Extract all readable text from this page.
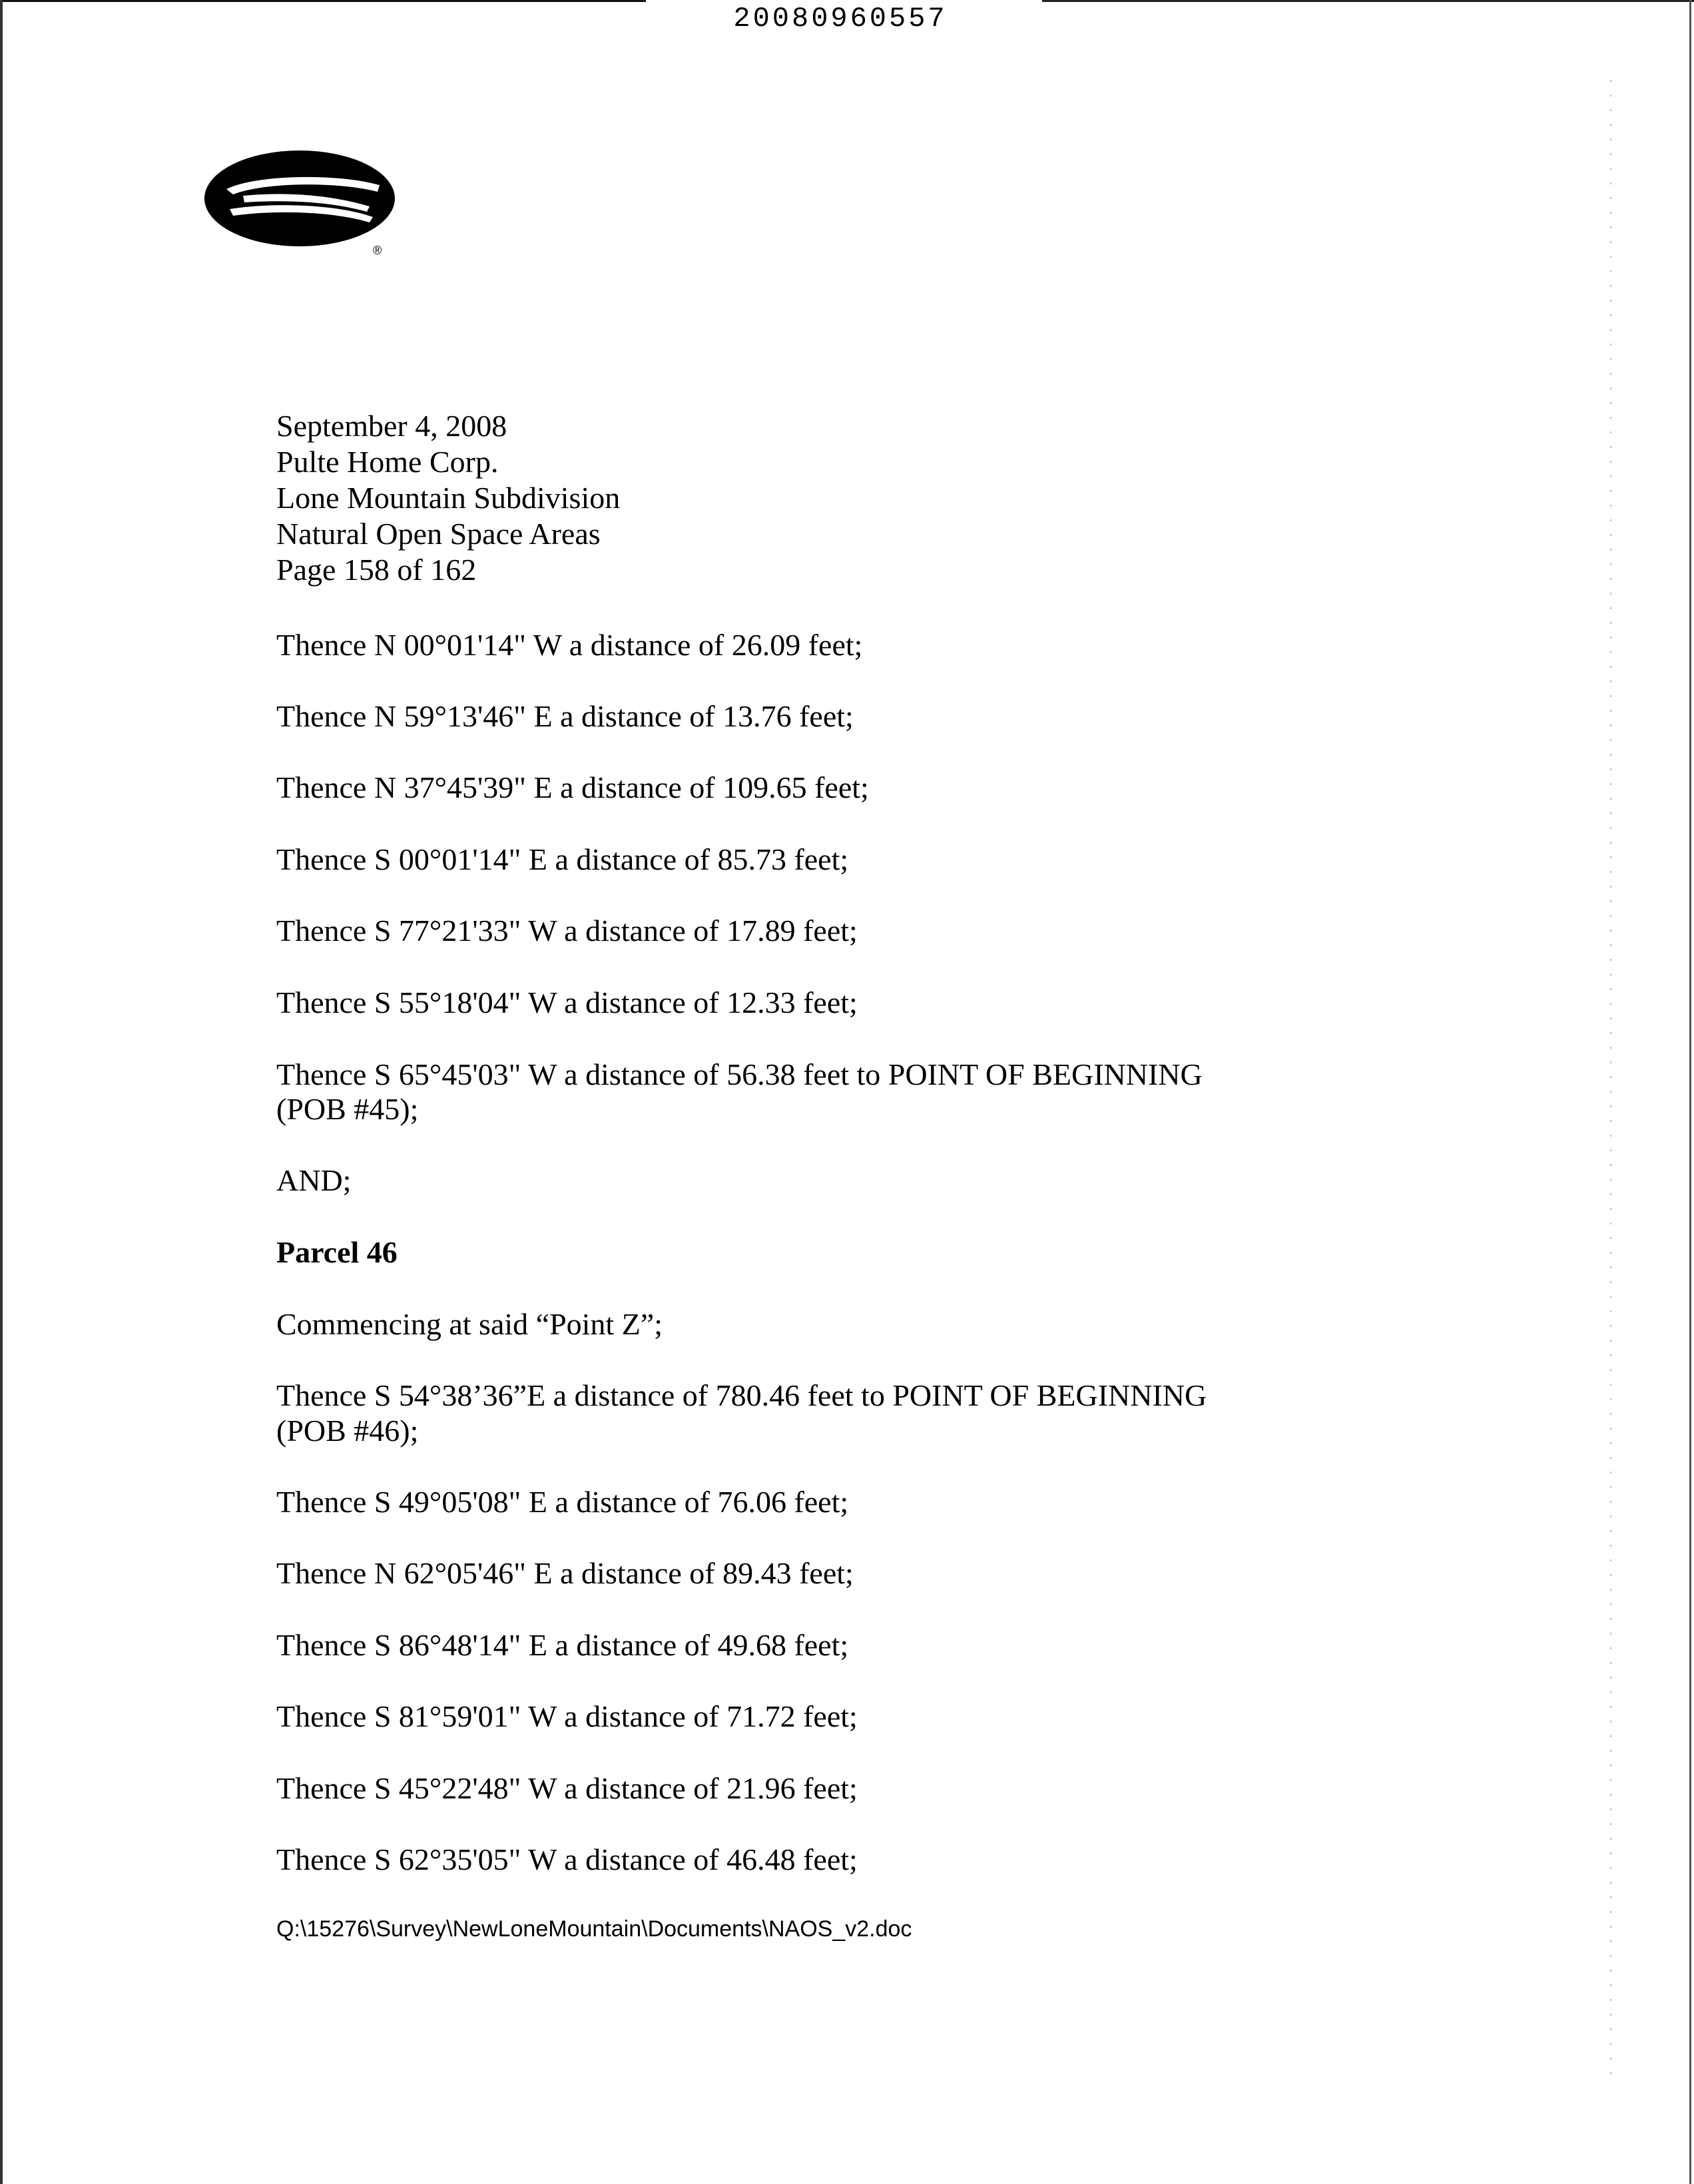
20080960557
®
September 4, 2008
Pulte Home Corp.
Lone Mountain Subdivision
Natural Open Space Areas
Page 158 of 162
Thence N 00°01'14" W a distance of 26.09 feet;
Thence N 59°13'46" E a distance of 13.76 feet;
Thence N 37°45'39" E a distance of 109.65 feet;
Thence S 00°01'14" E a distance of 85.73 feet;
Thence S 77°21'33" W a distance of 17.89 feet;
Thence S 55°18'04" W a distance of 12.33 feet;
Thence S 65°45'03" W a distance of 56.38 feet to POINT OF BEGINNING
(POB #45);
AND;
Parcel 46
Commencing at said “Point Z”;
Thence S 54°38’36”E a distance of 780.46 feet to POINT OF BEGINNING
(POB #46);
Thence S 49°05'08" E a distance of 76.06 feet;
Thence N 62°05'46" E a distance of 89.43 feet;
Thence S 86°48'14" E a distance of 49.68 feet;
Thence S 81°59'01" W a distance of 71.72 feet;
Thence S 45°22'48" W a distance of 21.96 feet;
Thence S 62°35'05" W a distance of 46.48 feet;
Q:\15276\Survey\NewLoneMountain\Documents\NAOS_v2.doc
